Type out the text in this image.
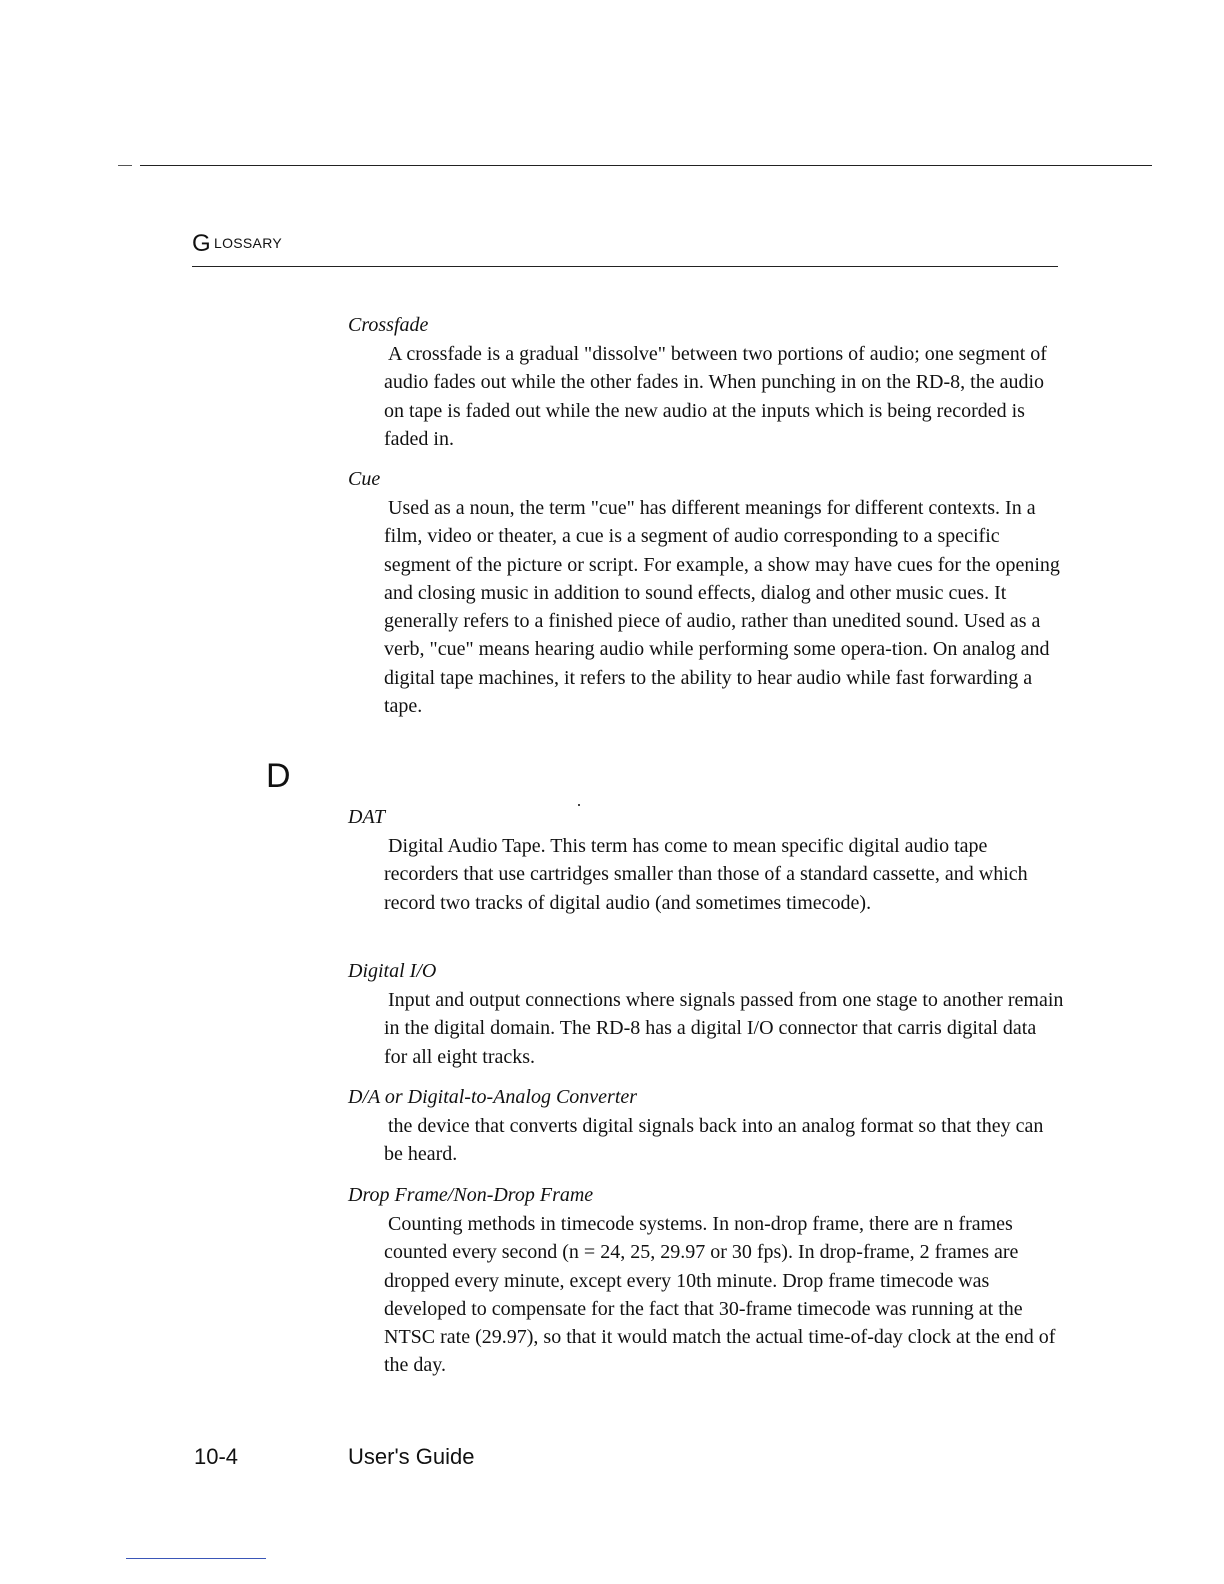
G LOSSARY

Crossfade

A crossfade is a gradual "dissolve" between two portions of audio; one segment of audio fades out while the other fades in. When punching in on the RD-8, the audio on tape is faded out while the new audio at the inputs which is being recorded is faded in.

Cue

Used as a noun, the term "cue" has different meanings for different contexts. In a film, video or theater, a cue is a segment of audio corresponding to a specific segment of the picture or script. For example, a show may have cues for the opening and closing music in addition to sound effects, dialog and other music cues. It generally refers to a finished piece of audio, rather than unedited sound. Used as a verb, "cue" means hearing audio while performing some opera-tion. On analog and digital tape machines, it refers to the ability to hear audio while fast forwarding a tape.

D

DAT

Digital Audio Tape. This term has come to mean specific digital audio tape recorders that use cartridges smaller than those of a standard cassette, and which record two tracks of digital audio (and sometimes timecode).

Digital I/O

Input and output connections where signals passed from one stage to another remain in the digital domain. The RD-8 has a digital I/O connector that carris digital data for all eight tracks.

D/A or Digital-to-Analog Converter

the device that converts digital signals back into an analog format so that they can be heard.

Drop Frame/Non-Drop Frame

Counting methods in timecode systems. In non-drop frame, there are n frames counted every second (n = 24, 25, 29.97 or 30 fps). In drop-frame, 2 frames are dropped every minute, except every 10th minute. Drop frame timecode was developed to compensate for the fact that 30-frame timecode was running at the NTSC rate (29.97), so that it would match the actual time-of-day clock at the end of the day.

10-4	User's Guide
